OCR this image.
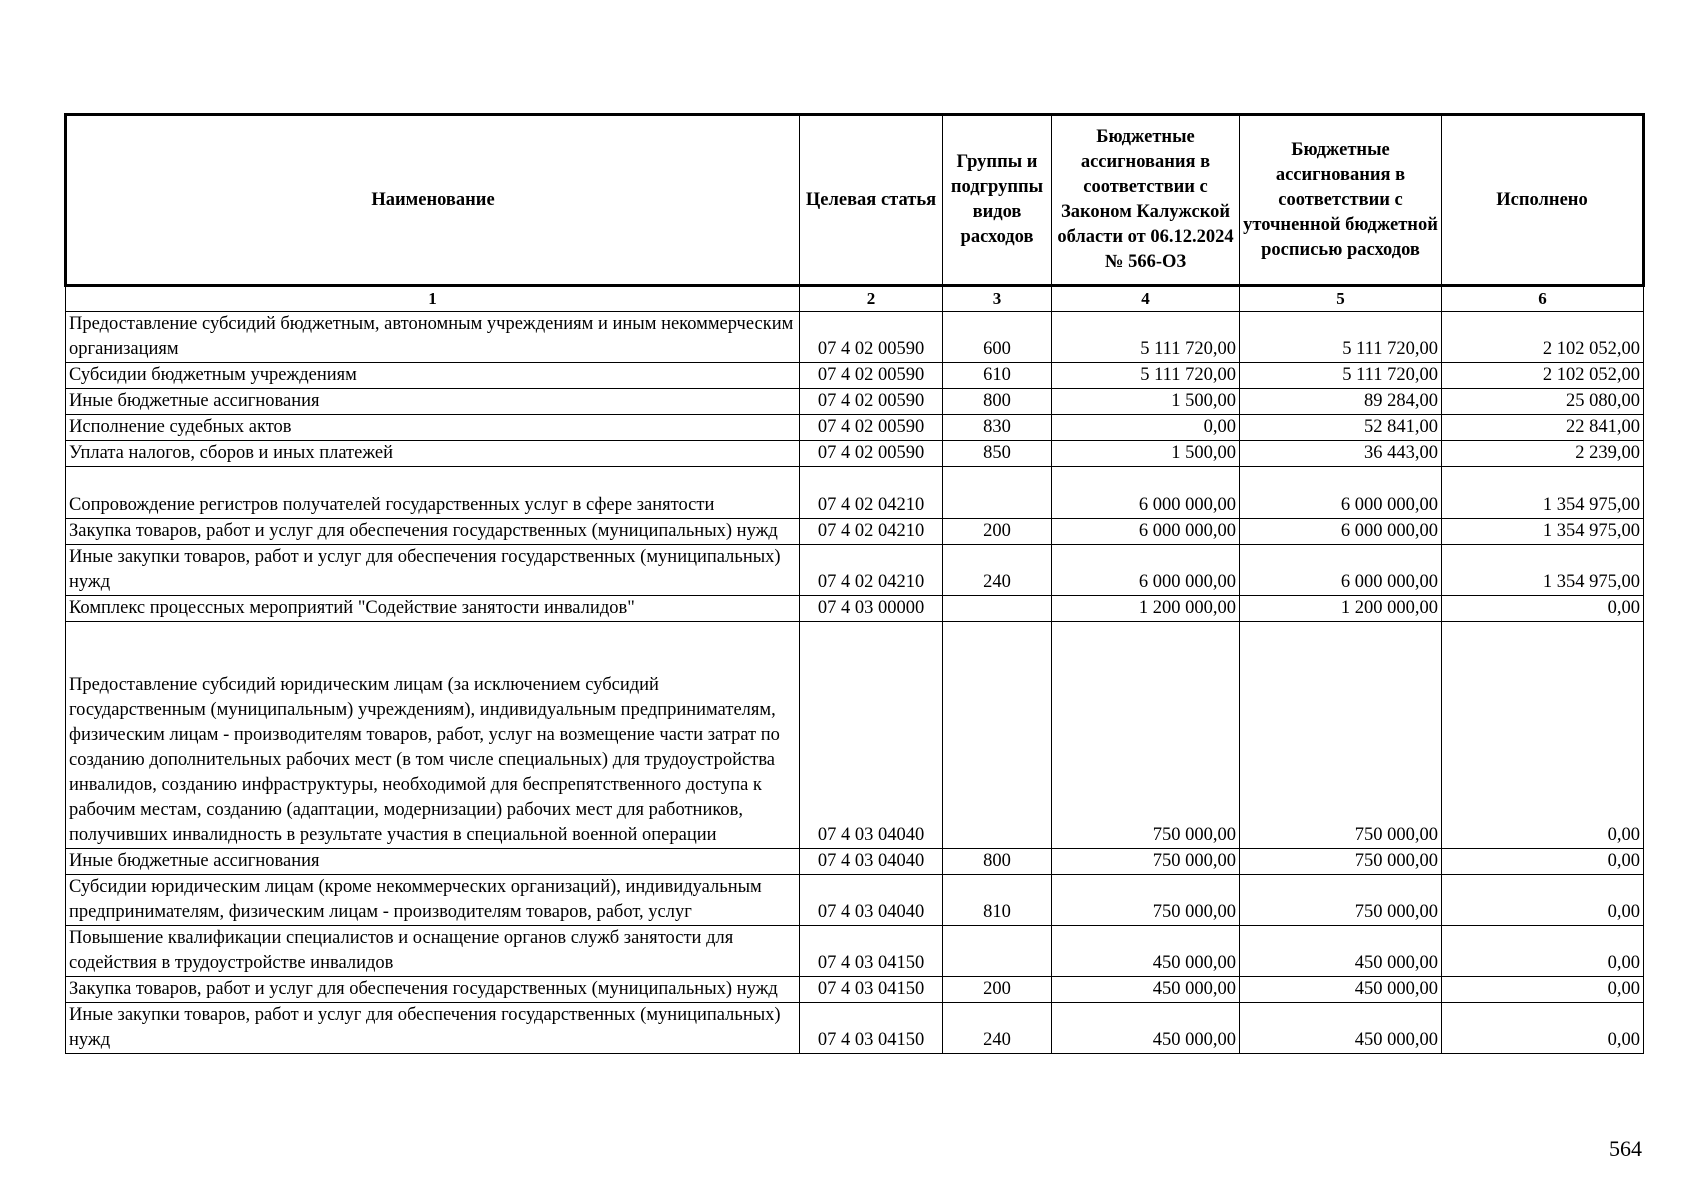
Наименование	Целевая статья	Группы и подгруппы видов расходов	Бюджетные ассигнования в соответствии с Законом Калужской области от 06.12.2024 № 566-ОЗ	Бюджетные ассигнования в соответствии с уточненной бюджетной росписью расходов	Исполнено
1	2	3	4	5	6
Предоставление субсидий бюджетным, автономным учреждениям и иным некоммерческим организациям	07 4 02 00590	600	5 111 720,00	5 111 720,00	2 102 052,00
Субсидии бюджетным учреждениям	07 4 02 00590	610	5 111 720,00	5 111 720,00	2 102 052,00
Иные бюджетные ассигнования	07 4 02 00590	800	1 500,00	89 284,00	25 080,00
Исполнение судебных актов	07 4 02 00590	830	0,00	52 841,00	22 841,00
Уплата налогов, сборов и иных платежей	07 4 02 00590	850	1 500,00	36 443,00	2 239,00
Сопровождение регистров получателей государственных услуг в сфере занятости	07 4 02 04210		6 000 000,00	6 000 000,00	1 354 975,00
Закупка товаров, работ и услуг для обеспечения государственных (муниципальных) нужд	07 4 02 04210	200	6 000 000,00	6 000 000,00	1 354 975,00
Иные закупки товаров, работ и услуг для обеспечения государственных (муниципальных) нужд	07 4 02 04210	240	6 000 000,00	6 000 000,00	1 354 975,00
Комплекс процессных мероприятий "Содействие занятости инвалидов"	07 4 03 00000		1 200 000,00	1 200 000,00	0,00
Предоставление субсидий юридическим лицам (за исключением субсидий государственным (муниципальным) учреждениям), индивидуальным предпринимателям, физическим лицам - производителям товаров, работ, услуг на возмещение части затрат по созданию дополнительных рабочих мест (в том числе специальных) для трудоустройства инвалидов, созданию инфраструктуры, необходимой для беспрепятственного доступа к рабочим местам, созданию (адаптации, модернизации) рабочих мест для работников, получивших инвалидность в результате участия в специальной военной операции	07 4 03 04040		750 000,00	750 000,00	0,00
Иные бюджетные ассигнования	07 4 03 04040	800	750 000,00	750 000,00	0,00
Субсидии юридическим лицам (кроме некоммерческих организаций), индивидуальным предпринимателям, физическим лицам - производителям товаров, работ, услуг	07 4 03 04040	810	750 000,00	750 000,00	0,00
Повышение квалификации специалистов и оснащение органов служб занятости для содействия в трудоустройстве инвалидов	07 4 03 04150		450 000,00	450 000,00	0,00
Закупка товаров, работ и услуг для обеспечения государственных (муниципальных) нужд	07 4 03 04150	200	450 000,00	450 000,00	0,00
Иные закупки товаров, работ и услуг для обеспечения государственных (муниципальных) нужд	07 4 03 04150	240	450 000,00	450 000,00	0,00
564
